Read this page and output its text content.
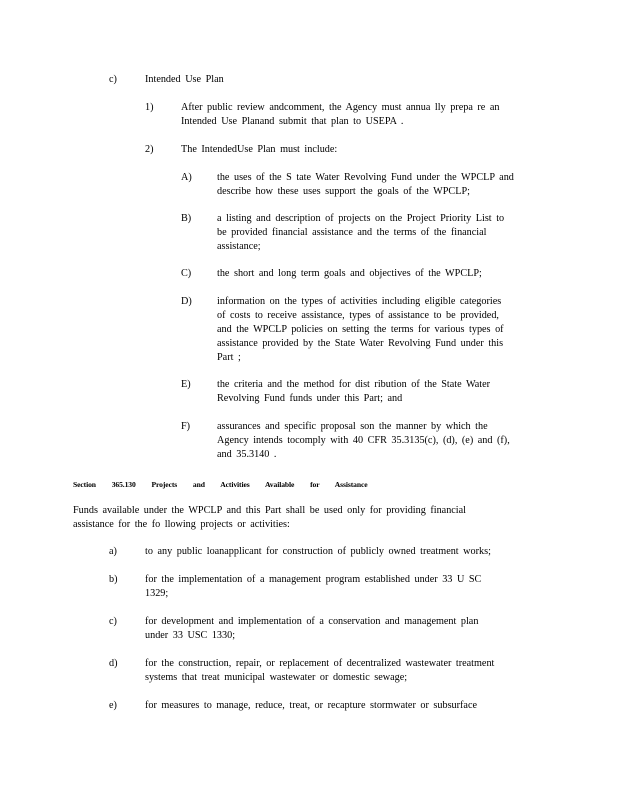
c)	Intended Use Plan
1)	After public review andcomment, the Agency must annua lly prepa re an
Intended Use Planand submit that plan to USEPA .
2)	The IntendedUse Plan must include:
A) the uses of the S tate Water Revolving Fund under the WPCLP and
describe how these uses support the goals of the WPCLP;
B)	a listing and description of projects on the Project Priority List to
be provided financial assistance and the terms of the financial
assistance;
C)	the short and long term goals and objectives of the WPCLP;
D) information on the types of activities including eligible categories
of costs to receive assistance, types of assistance to be provided,
and the WPCLP policies on setting the terms for various types of
assistance provided by the State Water Revolving Fund under this
Part ;
E)	the criteria and the method for dist ribution of the State Water
Revolving Fund funds under this Part; and
F)	assurances and specific proposal son the manner by which the
Agency intends tocomply with 40 CFR 35.3135(c), (d), (e) and (f),
and 35.3140 .
Section 365.130 Projects and Activities Available for Assistance
Funds available under the WPCLP and this Part shall be used only for providing financial
assistance for the fo llowing projects or activities:
a)	to any public loanapplicant for construction of publicly owned treatment works;
b)	for the implementation of a management program established under 33 U SC
1329;
c)	for development and implementation of a conservation and management plan
under 33 USC 1330;
d)	for the construction, repair, or replacement of decentralized wastewater treatment
systems that treat municipal wastewater or domestic sewage;
e)	for measures to manage, reduce, treat, or recapture stormwater or subsurface
